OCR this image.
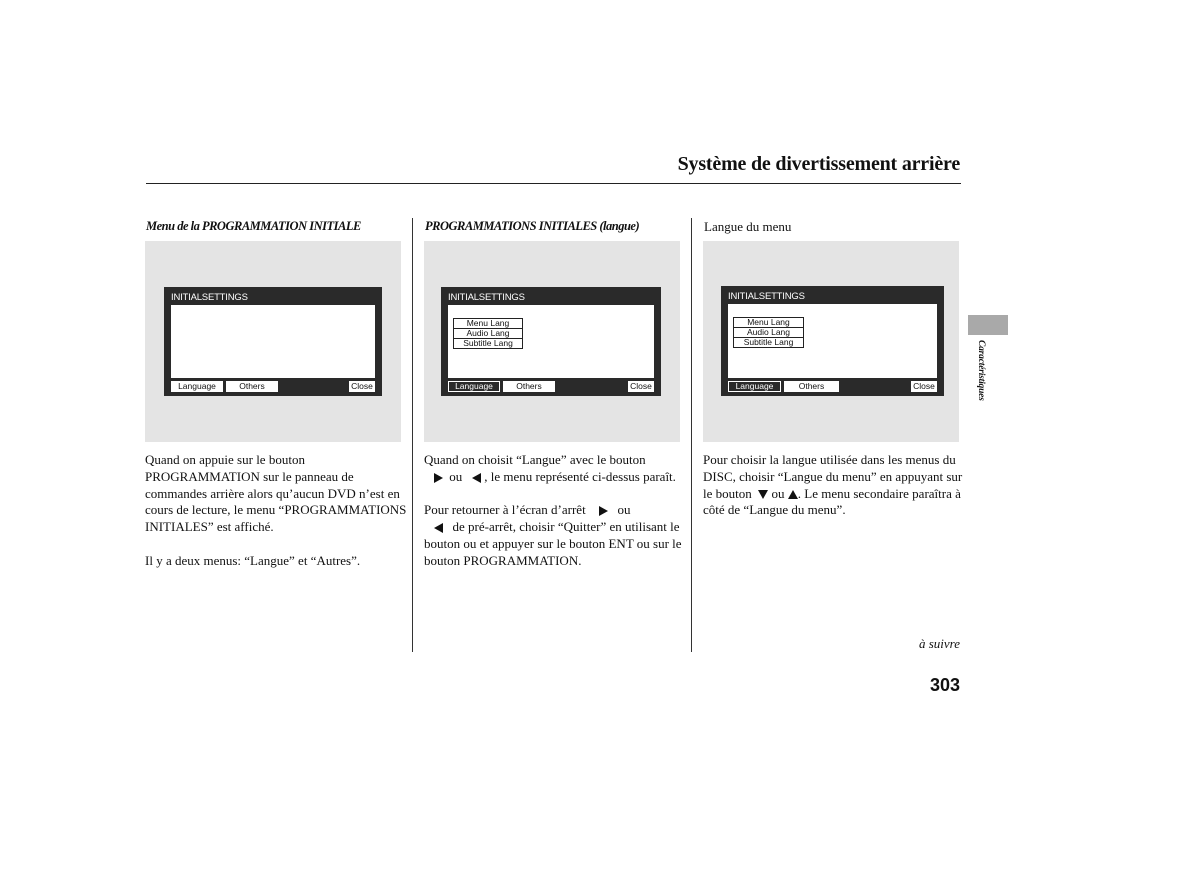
Système de divertissement arrière
Menu de la PROGRAMMATION INITIALE
INITIALSETTINGS
Language	Others	Close
Quand on appuie sur le bouton PROGRAMMATION sur le panneau de commandes arrière alors qu’aucun DVD n’est en cours de lecture, le menu “PROGRAMMATIONS INITIALES” est affiché.
Il y a deux menus: “Langue” et “Autres”.
PROGRAMMATIONS INITIALES (langue)
INITIALSETTINGS
Menu Lang
Audio Lang
Subtitle Lang
Language	Others	Close
Quand on choisit “Langue” avec le bouton
ou , le menu représenté ci-dessus paraît.
Pour retourner à l’écran d’arrêt ou
de pré-arrêt, choisir “Quitter” en utilisant le bouton ou et appuyer sur le bouton ENT ou sur le bouton PROGRAMMATION.
Langue du menu
INITIALSETTINGS
Menu Lang
Audio Lang
Subtitle Lang
Language	Others	Close
Pour choisir la langue utilisée dans les menus du DISC, choisir “Langue du menu” en appuyant sur le bouton ou . Le menu secondaire paraîtra à côté de “Langue du menu”.
Caractéristiques
à suivre
303
